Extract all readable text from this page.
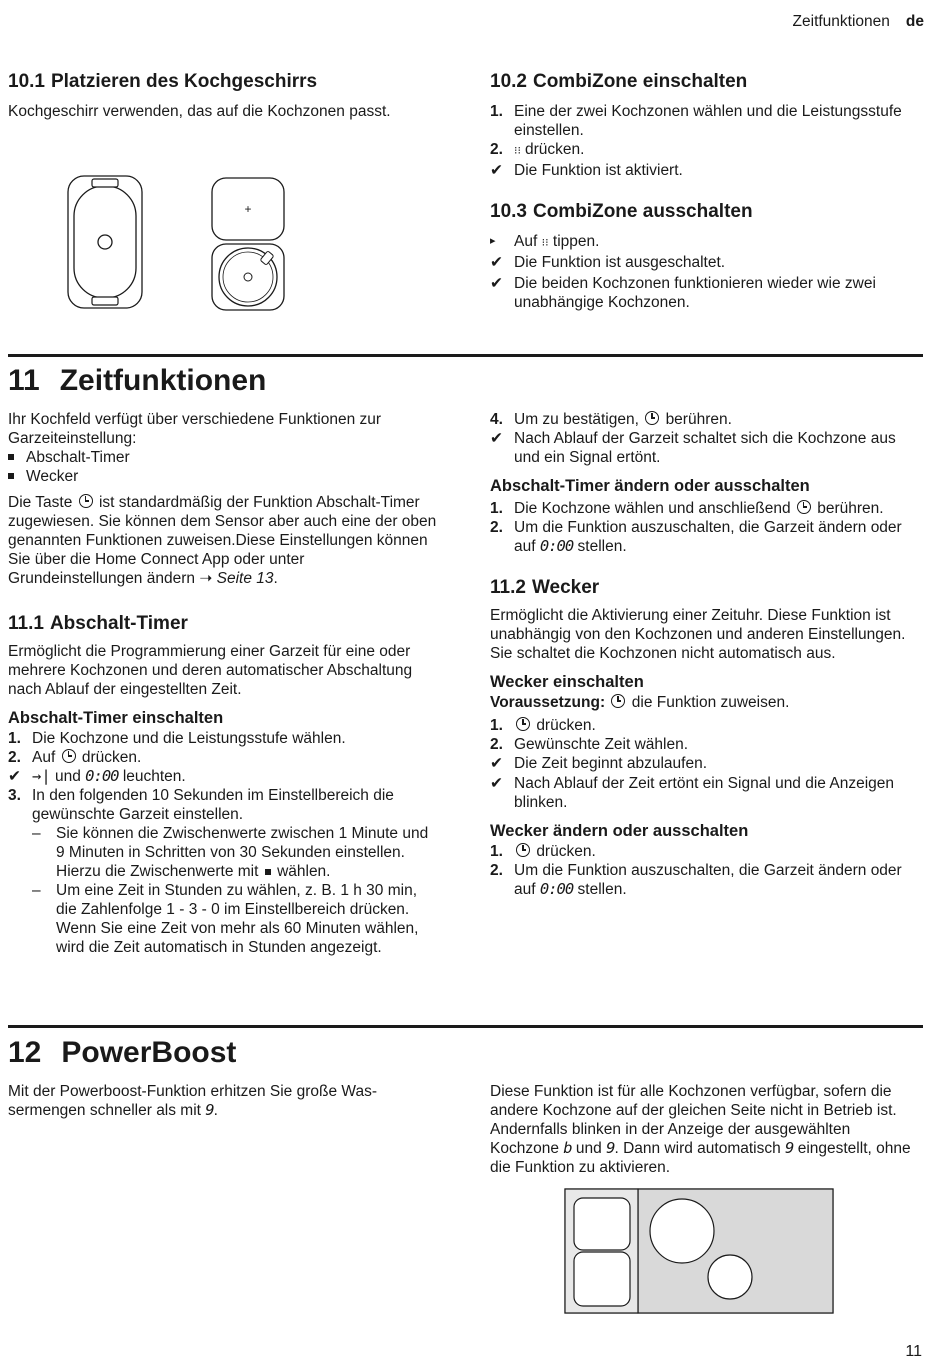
Zeitfunktionen de
10.1 Platzieren des Kochgeschirrs

Kochgeschirr verwenden, das auf die Kochzonen passt.

+
10.2 CombiZone einschalten
1. Eine der zwei Kochzonen wählen und die Leistungsstufe einstellen.
2.	⁝⁝ drücken.
✔ Die Funktion ist aktiviert.
10.3 CombiZone ausschalten
▸	Auf ⁝⁝ tippen.
✔ Die Funktion ist ausgeschaltet.
✔ Die beiden Kochzonen funktionieren wieder wie zwei unabhängige Kochzonen.
11 Zeitfunktionen

Ihr Kochfeld verfügt über verschiedene Funktionen zur Garzeiteinstellung:

Abschalt-Timer
Wecker

Die Taste ist standardmäßig der Funktion Abschalt-Timer zugewiesen. Sie können dem Sensor aber auch eine der oben genannten Funktionen zuweisen.Diese Einstellungen können Sie über die Home Connect App oder unter Grundeinstellungen ändern ➝ Seite 13.

11.1 Abschalt-Timer

Ermöglicht die Programmierung einer Garzeit für eine oder mehrere Kochzonen und deren automatischer Abschaltung nach Ablauf der eingestellten Zeit.

Abschalt-Timer einschalten
1. Die Kochzone und die Leistungsstufe wählen.
2. Auf drücken.
✔ →| und 0:00 leuchten.
3. In den folgenden 10 Sekunden im Einstellbereich die gewünschte Garzeit einstellen.
– Sie können die Zwischenwerte zwischen 1 Minute und 9 Minuten in Schritten von 30 Sekunden einstellen. Hierzu die Zwischenwerte mit wählen.
– Um eine Zeit in Stunden zu wählen, z. B. 1 h 30 min, die Zahlenfolge 1 - 3 - 0 im Einstellbereich drücken. Wenn Sie eine Zeit von mehr als 60 Minuten wählen, wird die Zeit automatisch in Stunden angezeigt.
4. Um zu bestätigen, berühren.
✔ Nach Ablauf der Garzeit schaltet sich die Kochzone aus und ein Signal ertönt.
Abschalt-Timer ändern oder ausschalten
1. Die Kochzone wählen und anschließend berühren.
2. Um die Funktion auszuschalten, die Garzeit ändern oder auf 0:00 stellen.
11.2 Wecker

Ermöglicht die Aktivierung einer Zeituhr. Diese Funktion ist unabhängig von den Kochzonen und anderen Einstellungen. Sie schaltet die Kochzonen nicht automatisch aus.

Wecker einschalten

Voraussetzung: die Funktion zuweisen.

1.	drücken.
2. Gewünschte Zeit wählen.
✔ Die Zeit beginnt abzulaufen.
✔ Nach Ablauf der Zeit ertönt ein Signal und die Anzeigen blinken.
Wecker ändern oder ausschalten
1.	drücken.
2. Um die Funktion auszuschalten, die Garzeit ändern oder auf 0:00 stellen.
12 PowerBoost

Mit der Powerboost-Funktion erhitzen Sie große Wassermengen schneller als mit 9.

Diese Funktion ist für alle Kochzonen verfügbar, sofern die andere Kochzone auf der gleichen Seite nicht in Betrieb ist. Andernfalls blinken in der Anzeige der ausgewählten Kochzone b und 9. Dann wird automatisch 9 eingestellt, ohne die Funktion zu aktivieren.

11
